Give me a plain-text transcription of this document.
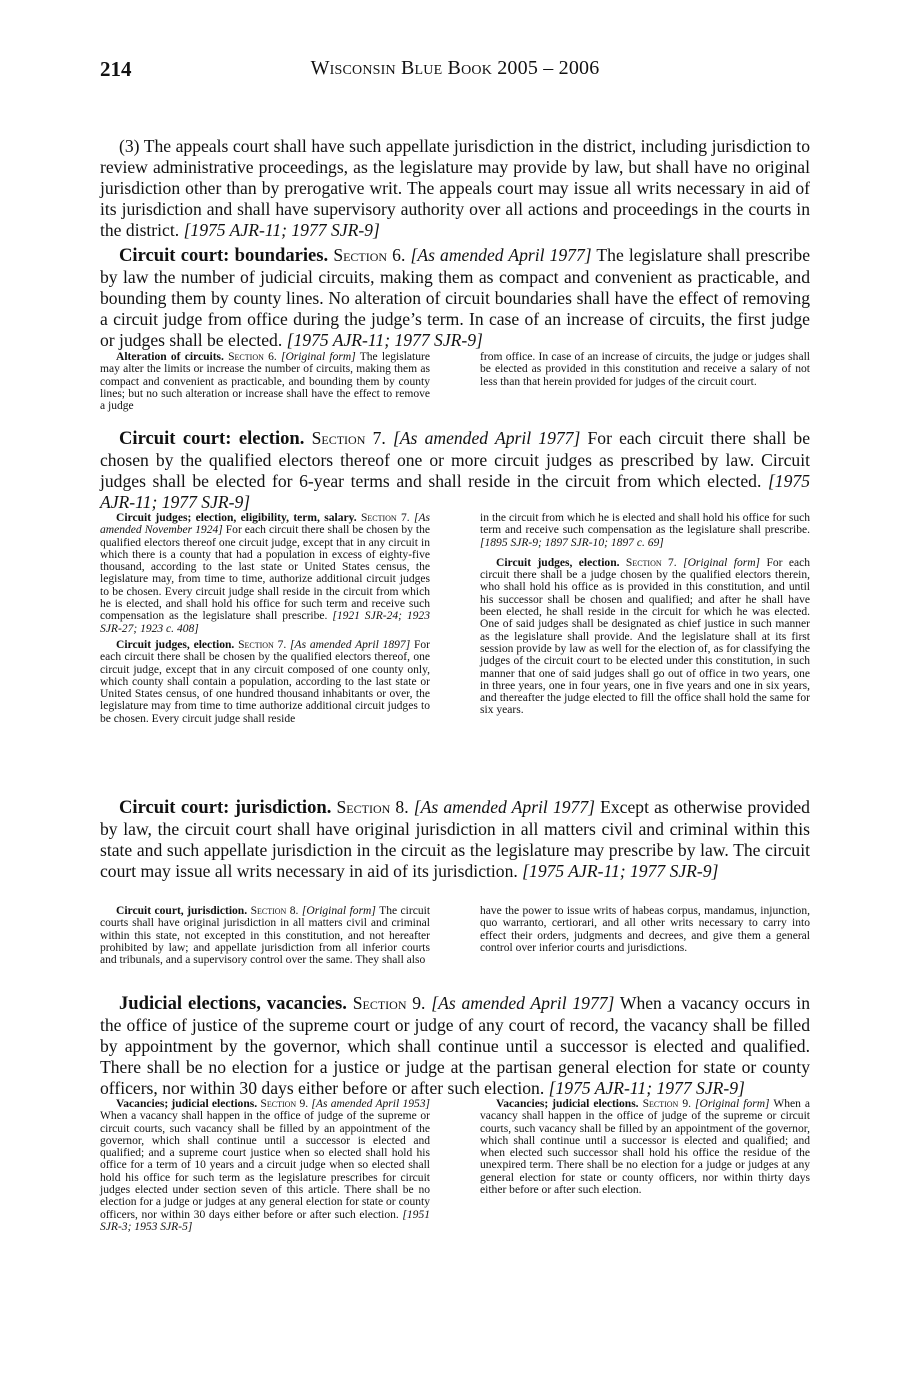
214	Wisconsin Blue Book 2005 – 2006

(3) The appeals court shall have such appellate jurisdiction in the district, including jurisdiction to review administrative proceedings, as the legislature may provide by law, but shall have no original jurisdiction other than by prerogative writ. The appeals court may issue all writs necessary in aid of its jurisdiction and shall have supervisory authority over all actions and proceedings in the courts in the district. [1975 AJR-11; 1977 SJR-9]

Circuit court: boundaries. Section 6. [As amended April 1977] The legislature shall prescribe by law the number of judicial circuits, making them as compact and convenient as practicable, and bounding them by county lines. No alteration of circuit boundaries shall have the effect of removing a circuit judge from office during the judge’s term. In case of an increase of circuits, the first judge or judges shall be elected. [1975 AJR-11; 1977 SJR-9]

Alteration of circuits. Section 6. [Original form] The legislature may alter the limits or increase the number of circuits, making them as compact and convenient as practicable, and bounding them by county lines; but no such alteration or increase shall have the effect to remove a judge

from office. In case of an increase of circuits, the judge or judges shall be elected as provided in this constitution and receive a salary of not less than that herein provided for judges of the circuit court.

Circuit court: election. Section 7. [As amended April 1977] For each circuit there shall be chosen by the qualified electors thereof one or more circuit judges as prescribed by law. Circuit judges shall be elected for 6-year terms and shall reside in the circuit from which elected. [1975 AJR-11; 1977 SJR-9]

Circuit judges; election, eligibility, term, salary. Section 7. [As amended November 1924] For each circuit there shall be chosen by the qualified electors thereof one circuit judge, except that in any circuit in which there is a county that had a population in excess of eighty-five thousand, according to the last state or United States census, the legislature may, from time to time, authorize additional circuit judges to be chosen. Every circuit judge shall reside in the circuit from which he is elected, and shall hold his office for such term and receive such compensation as the legislature shall prescribe. [1921 SJR-24; 1923 SJR-27; 1923 c. 408]

Circuit judges, election. Section 7. [As amended April 1897] For each circuit there shall be chosen by the qualified electors thereof, one circuit judge, except that in any circuit composed of one county only, which county shall contain a population, according to the last state or United States census, of one hundred thousand inhabitants or over, the legislature may from time to time authorize additional circuit judges to be chosen. Every circuit judge shall reside

in the circuit from which he is elected and shall hold his office for such term and receive such compensation as the legislature shall prescribe. [1895 SJR-9; 1897 SJR-10; 1897 c. 69]

Circuit judges, election. Section 7. [Original form] For each circuit there shall be a judge chosen by the qualified electors therein, who shall hold his office as is provided in this constitution, and until his successor shall be chosen and qualified; and after he shall have been elected, he shall reside in the circuit for which he was elected. One of said judges shall be designated as chief justice in such manner as the legislature shall provide. And the legislature shall at its first session provide by law as well for the election of, as for classifying the judges of the circuit court to be elected under this constitution, in such manner that one of said judges shall go out of office in two years, one in three years, one in four years, one in five years and one in six years, and thereafter the judge elected to fill the office shall hold the same for six years.

Circuit court: jurisdiction. Section 8. [As amended April 1977] Except as otherwise provided by law, the circuit court shall have original jurisdiction in all matters civil and criminal within this state and such appellate jurisdiction in the circuit as the legislature may prescribe by law. The circuit court may issue all writs necessary in aid of its jurisdiction. [1975 AJR-11; 1977 SJR-9]

Circuit court, jurisdiction. Section 8. [Original form] The circuit courts shall have original jurisdiction in all matters civil and criminal within this state, not excepted in this constitution, and not hereafter prohibited by law; and appellate jurisdiction from all inferior courts and tribunals, and a supervisory control over the same. They shall also

have the power to issue writs of habeas corpus, mandamus, injunction, quo warranto, certiorari, and all other writs necessary to carry into effect their orders, judgments and decrees, and give them a general control over inferior courts and jurisdictions.

Judicial elections, vacancies. Section 9. [As amended April 1977] When a vacancy occurs in the office of justice of the supreme court or judge of any court of record, the vacancy shall be filled by appointment by the governor, which shall continue until a successor is elected and qualified. There shall be no election for a justice or judge at the partisan general election for state or county officers, nor within 30 days either before or after such election. [1975 AJR-11; 1977 SJR-9]

Vacancies; judicial elections. Section 9. [As amended April 1953] When a vacancy shall happen in the office of judge of the supreme or circuit courts, such vacancy shall be filled by an appointment of the governor, which shall continue until a successor is elected and qualified; and a supreme court justice when so elected shall hold his office for a term of 10 years and a circuit judge when so elected shall hold his office for such term as the legislature prescribes for circuit judges elected under section seven of this article. There shall be no election for a judge or judges at any general election for state or county officers, nor within 30 days either before or after such election. [1951 SJR-3; 1953 SJR-5]

Vacancies; judicial elections. Section 9. [Original form] When a vacancy shall happen in the office of judge of the supreme or circuit courts, such vacancy shall be filled by an appointment of the governor, which shall continue until a successor is elected and qualified; and when elected such successor shall hold his office the residue of the unexpired term. There shall be no election for a judge or judges at any general election for state or county officers, nor within thirty days either before or after such election.
